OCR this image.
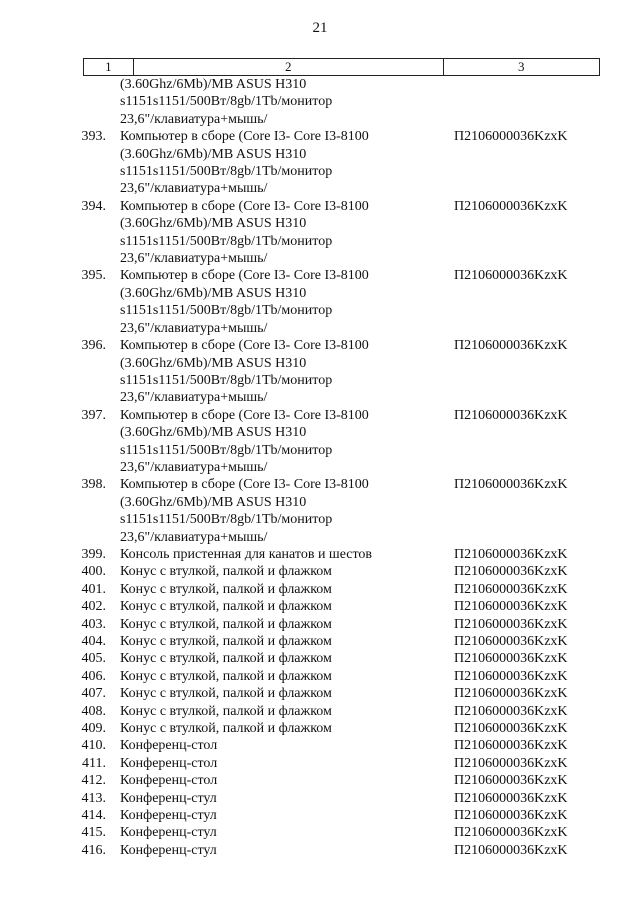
21
1	2	3
(3.60Ghz/6Mb)/MB ASUS H310
s1151s1151/500Вт/8gb/1Tb/монитор
23,6"/клавиатура+мышь/
393.	Компьютер в сборе (Core I3- Core I3-8100
(3.60Ghz/6Mb)/MB ASUS H310
s1151s1151/500Вт/8gb/1Tb/монитор
23,6"/клавиатура+мышь/
П2106000036KzxK
394.	Компьютер в сборе (Core I3- Core I3-8100
(3.60Ghz/6Mb)/MB ASUS H310
s1151s1151/500Вт/8gb/1Tb/монитор
23,6"/клавиатура+мышь/
П2106000036KzxK
395.	Компьютер в сборе (Core I3- Core I3-8100
(3.60Ghz/6Mb)/MB ASUS H310
s1151s1151/500Вт/8gb/1Tb/монитор
23,6"/клавиатура+мышь/
П2106000036KzxK
396.	Компьютер в сборе (Core I3- Core I3-8100
(3.60Ghz/6Mb)/MB ASUS H310
s1151s1151/500Вт/8gb/1Tb/монитор
23,6"/клавиатура+мышь/
П2106000036KzxK
397.	Компьютер в сборе (Core I3- Core I3-8100
(3.60Ghz/6Mb)/MB ASUS H310
s1151s1151/500Вт/8gb/1Tb/монитор
23,6"/клавиатура+мышь/
П2106000036KzxK
398.	Компьютер в сборе (Core I3- Core I3-8100
(3.60Ghz/6Mb)/MB ASUS H310
s1151s1151/500Вт/8gb/1Tb/монитор
23,6"/клавиатура+мышь/
П2106000036KzxK
399.	Консоль пристенная для канатов и шестов	П2106000036KzxK
400.	Конус с втулкой, палкой и флажком	П2106000036KzxK
401.	Конус с втулкой, палкой и флажком	П2106000036KzxK
402.	Конус с втулкой, палкой и флажком	П2106000036KzxK
403.	Конус с втулкой, палкой и флажком	П2106000036KzxK
404.	Конус с втулкой, палкой и флажком	П2106000036KzxK
405.	Конус с втулкой, палкой и флажком	П2106000036KzxK
406.	Конус с втулкой, палкой и флажком	П2106000036KzxK
407.	Конус с втулкой, палкой и флажком	П2106000036KzxK
408.	Конус с втулкой, палкой и флажком	П2106000036KzxK
409.	Конус с втулкой, палкой и флажком	П2106000036KzxK
410.	Конференц-стол	П2106000036KzxK
411.	Конференц-стол	П2106000036KzxK
412.	Конференц-стол	П2106000036KzxK
413.	Конференц-стул	П2106000036KzxK
414.	Конференц-стул	П2106000036KzxK
415.	Конференц-стул	П2106000036KzxK
416.	Конференц-стул	П2106000036KzxK
